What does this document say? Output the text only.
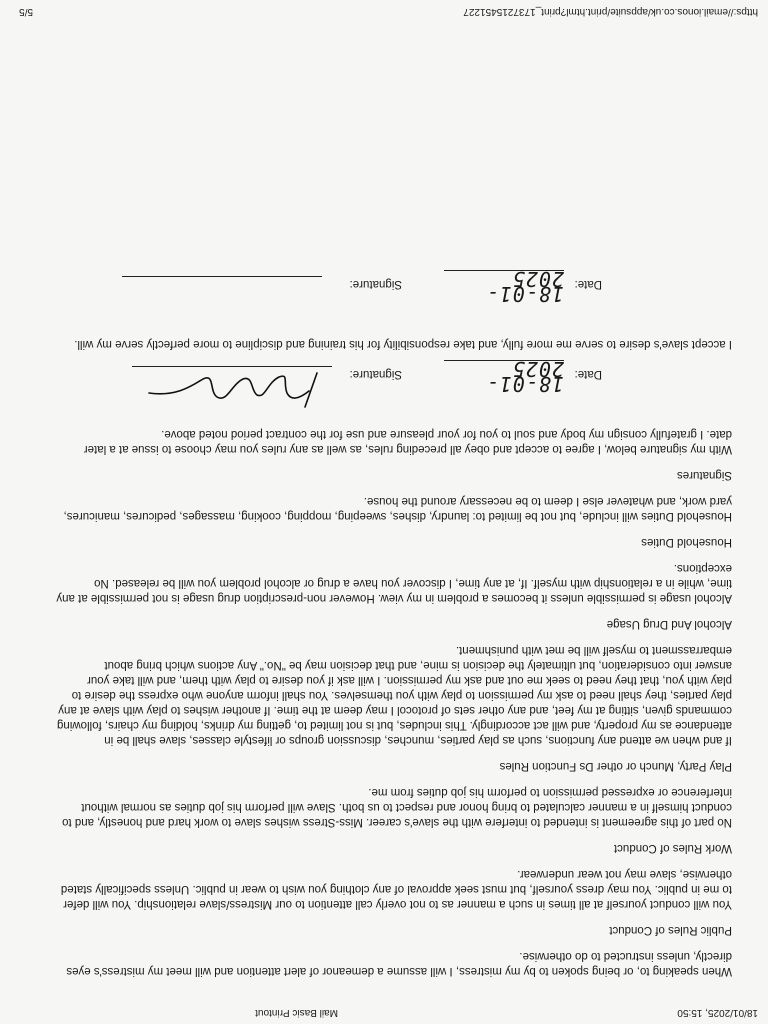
18/01/2025, 15:50
Mail Basic Printout

When speaking to, or being spoken to by my mistress, I will assume a demeanor of alert attention and will meet my mistress's eyes directly, unless instructed to do otherwise.

Public Rules of Conduct

You will conduct yourself at all times in such a manner as to not overly call attention to our Mistress/slave relationship. You will defer to me in public. You may dress yourself, but must seek approval of any clothing you wish to wear in public. Unless specifically stated otherwise, slave may not wear underwear.

Work Rules of Conduct

No part of this agreement is intended to interfere with the slave's career. Miss-Stress wishes slave to work hard and honestly, and to conduct himself in a manner calculated to bring honor and respect to us both. Slave will perform his job duties as normal without interference or expressed permission to perform his job duties from me.

Play Party, Munch or other Ds Function Rules

If and when we attend any functions, such as play parties, munches, discussion groups or lifestyle classes, slave shall be in attendance as my property, and will act accordingly. This includes, but is not limited to, getting my drinks, holding my chairs, following commands given, sitting at my feet, and any other sets of protocol I may deem at the time. If another wishes to play with slave at any play parties, they shall need to ask my permission to play with you themselves. You shall inform anyone who express the desire to play with you, that they need to seek me out and ask my permission. I will ask if you desire to play with them, and will take your answer into consideration, but ultimately the decision is mine, and that decision may be "No." Any actions which bring about embarrassment to myself will be met with punishment.

Alcohol And Drug Usage

Alcohol usage is permissible unless it becomes a problem in my view. However non-prescription drug usage is not permissible at any time, while in a relationship with myself. If, at any time, I discover you have a drug or alcohol problem you will be released. No exceptions.

Household Duties

Household Duties will include, but not be limited to: laundry, dishes, sweeping, mopping, cooking, massages, pedicures, manicures, yard work, and whatever else I deem to be necessary around the house.

Signatures

With my signature below, I agree to accept and obey all preceding rules, as well as any rules you may choose to issue at a later date. I gratefully consign my body and soul to you for your pleasure and use for the contract period noted above.

Date:
18-01-2025
Signature:

I accept slave's desire to serve me more fully, and take responsibility for his training and discipline to more perfectly serve my will.

Date:
18-01-2025
Signature:
https://email.ionos.co.uk/appsuite/print.html?print_1737215451227
5/5
